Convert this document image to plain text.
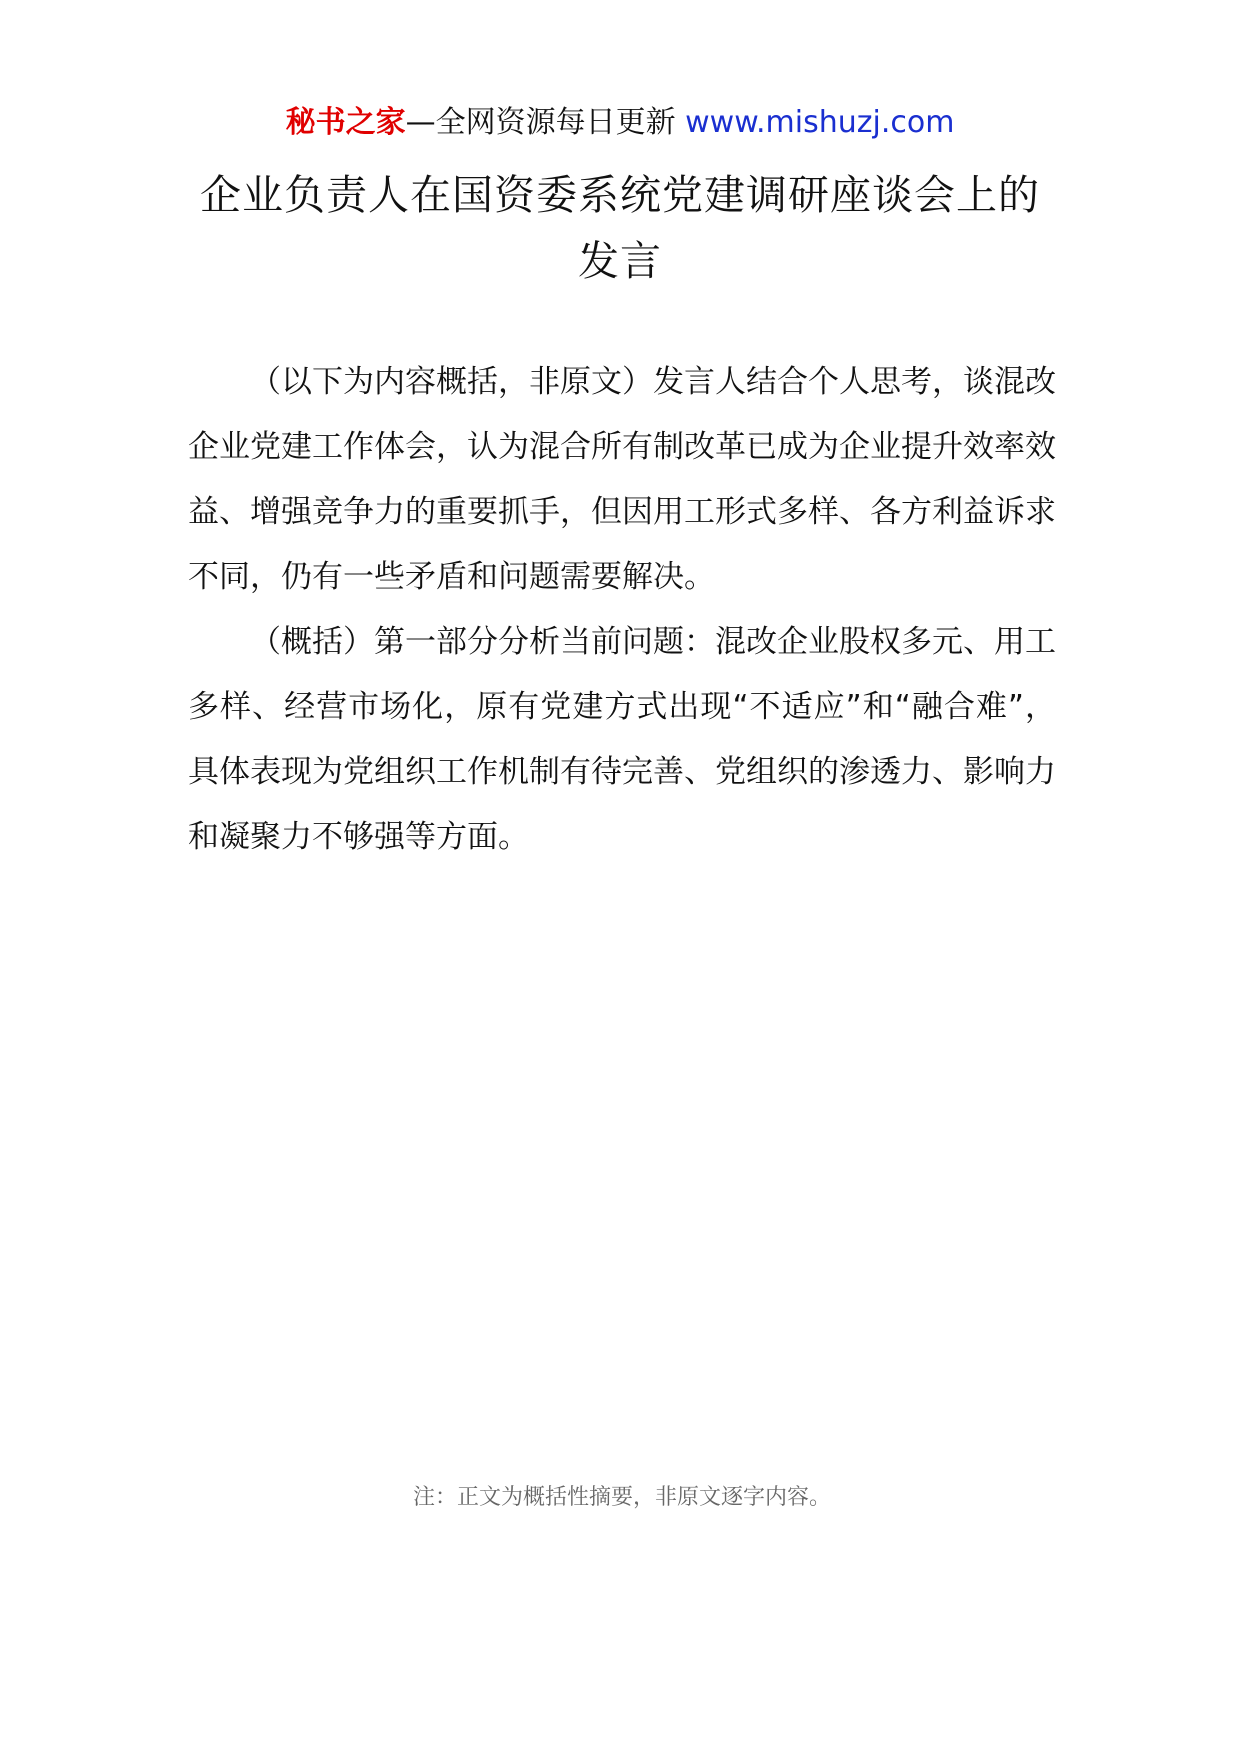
秘书之家—全网资源每日更新 www.mishuzj.com
企业负责人在国资委系统党建调研座谈会上的发言

（以下为内容概括，非原文）发言人结合个人思考，谈混改企业党建工作体会，认为混合所有制改革已成为企业提升效率效益、增强竞争力的重要抓手，但因用工形式多样、各方利益诉求不同，仍有一些矛盾和问题需要解决。

（概括）第一部分分析当前问题：混改企业股权多元、用工多样、经营市场化，原有党建方式出现“不适应”和“融合难”，具体表现为党组织工作机制有待完善、党组织的渗透力、影响力和凝聚力不够强等方面。

注：正文为概括性摘要，非原文逐字内容。
